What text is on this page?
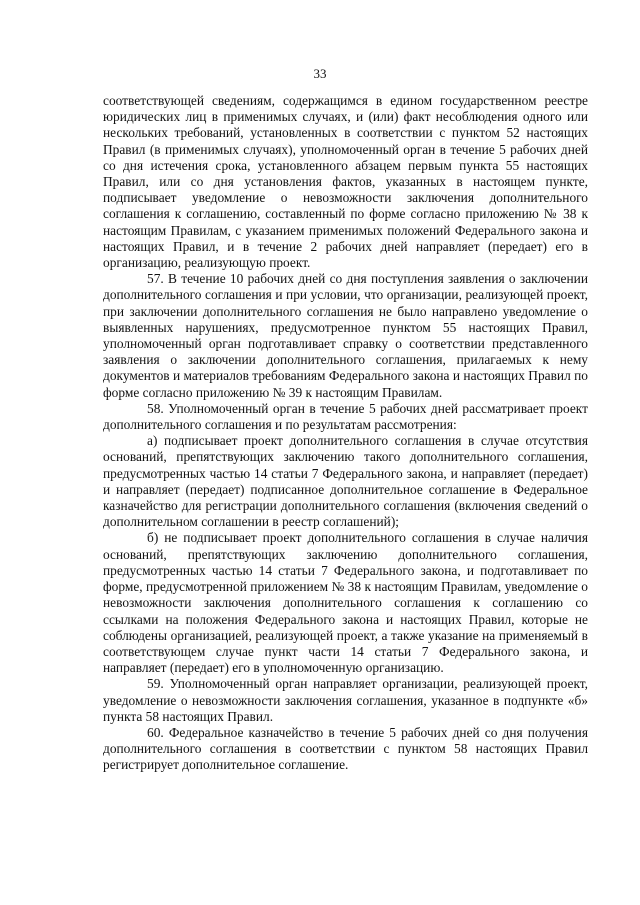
33

соответствующей сведениям, содержащимся в едином государственном реестре юридических лиц в применимых случаях, и (или) факт несоблюдения одного или нескольких требований, установленных в соответствии с пунктом 52 настоящих Правил (в применимых случаях), уполномоченный орган в течение 5 рабочих дней со дня истечения срока, установленного абзацем первым пункта 55 настоящих Правил, или со дня установления фактов, указанных в настоящем пункте, подписывает уведомление о невозможности заключения дополнительного соглашения к соглашению, составленный по форме согласно приложению № 38 к настоящим Правилам, с указанием применимых положений Федерального закона и настоящих Правил, и в течение 2 рабочих дней направляет (передает) его в организацию, реализующую проект.

57. В течение 10 рабочих дней со дня поступления заявления о заключении дополнительного соглашения и при условии, что организации, реализующей проект, при заключении дополнительного соглашения не было направлено уведомление о выявленных нарушениях, предусмотренное пунктом 55 настоящих Правил, уполномоченный орган подготавливает справку о соответствии представленного заявления о заключении дополнительного соглашения, прилагаемых к нему документов и материалов требованиям Федерального закона и настоящих Правил по форме согласно приложению № 39 к настоящим Правилам.

58. Уполномоченный орган в течение 5 рабочих дней рассматривает проект дополнительного соглашения и по результатам рассмотрения:

а) подписывает проект дополнительного соглашения в случае отсутствия оснований, препятствующих заключению такого дополнительного соглашения, предусмотренных частью 14 статьи 7 Федерального закона, и направляет (передает) и направляет (передает) подписанное дополнительное соглашение в Федеральное казначейство для регистрации дополнительного соглашения (включения сведений о дополнительном соглашении в реестр соглашений);

б) не подписывает проект дополнительного соглашения в случае наличия оснований, препятствующих заключению дополнительного соглашения, предусмотренных частью 14 статьи 7 Федерального закона, и подготавливает по форме, предусмотренной приложением № 38 к настоящим Правилам, уведомление о невозможности заключения дополнительного соглашения к соглашению со ссылками на положения Федерального закона и настоящих Правил, которые не соблюдены организацией, реализующей проект, а также указание на применяемый в соответствующем случае пункт части 14 статьи 7 Федерального закона, и направляет (передает) его в уполномоченную организацию.

59. Уполномоченный орган направляет организации, реализующей проект, уведомление о невозможности заключения соглашения, указанное в подпункте «б» пункта 58 настоящих Правил.

60. Федеральное казначейство в течение 5 рабочих дней со дня получения дополнительного соглашения в соответствии с пунктом 58 настоящих Правил регистрирует дополнительное соглашение.
